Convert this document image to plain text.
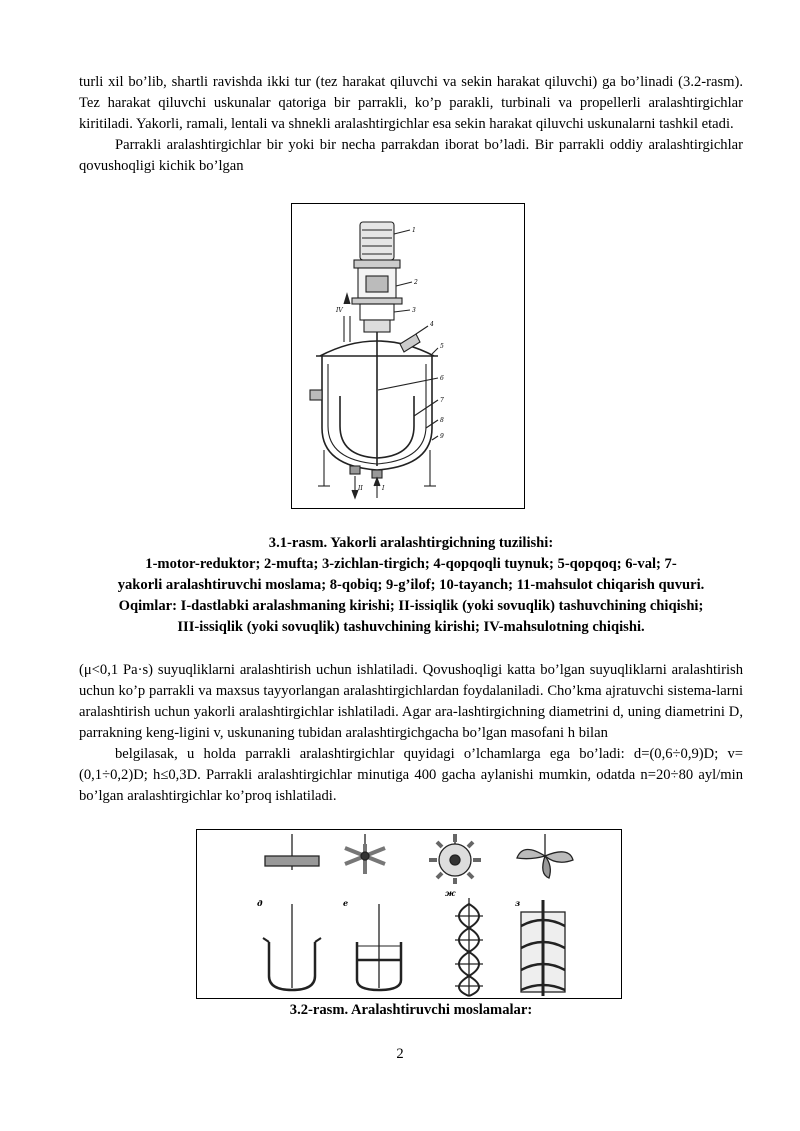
turli xil bo’lib, shartli ravishda ikki tur (tez harakat qiluvchi va sekin harakat qiluvchi) ga bo’linadi (3.2-rasm). Tez harakat qiluvchi uskunalar qatoriga bir parrakli, ko’p parakli, turbinali va propellerli aralashtirgichlar kiritiladi. Yakorli, ramali, lentali va shnekli aralashtirgichlar esa sekin harakat qiluvchi uskunalarni tashkil etadi.

Parrakli aralashtirgichlar bir yoki bir necha parrakdan iborat bo’ladi. Bir parrakli oddiy aralashtirgichlar qovushoqligi kichik bo’lgan

1
2
3
4
5
6
7
8
9
IV
II	I
3.1-rasm. Yakorli aralashtirgichning tuzilishi:
1-motor-reduktor; 2-mufta; 3-zichlan-tirgich; 4-qopqoqli tuynuk; 5-qopqoq; 6-val; 7-
yakorli aralashtiruvchi moslama; 8-qobiq; 9-g’ilof; 10-tayanch; 11-mahsulot chiqarish quvuri.
Oqimlar: I-dastlabki aralashmaning kirishi; II-issiqlik (yoki sovuqlik) tashuvchining chiqishi;
III-issiqlik (yoki sovuqlik) tashuvchining kirishi; IV-mahsulotning chiqishi.

(μ<0,1 Pa·s) suyuqliklarni aralashtirish uchun ishlatiladi. Qovushoqligi katta bo’lgan suyuqliklarni aralashtirish uchun ko’p parrakli va maxsus tayyorlangan aralashtirgichlardan foydalaniladi. Cho’kma ajratuvchi sistema-larni aralashtirish uchun yakorli aralashtirgichlar ishlatiladi. Agar ara-lashtirgichning diametrini d, uning diametrini D, parrakning keng-ligini v, uskunaning tubidan aralashtirgichgacha bo’lgan masofani h bilan

belgilasak, u holda parrakli aralashtirgichlar quyidagi o’lchamlarga ega bo’ladi: d=(0,6÷0,9)D; v=(0,1÷0,2)D; h≤0,3D. Parrakli aralashtirgichlar minutiga 400 gacha aylanishi mumkin, odatda n=20÷80 ayl/min bo’lgan aralashtirgichlar ko’proq ishlatiladi.

д	е
ж
з
3.2-rasm. Aralashtiruvchi moslamalar:
2
